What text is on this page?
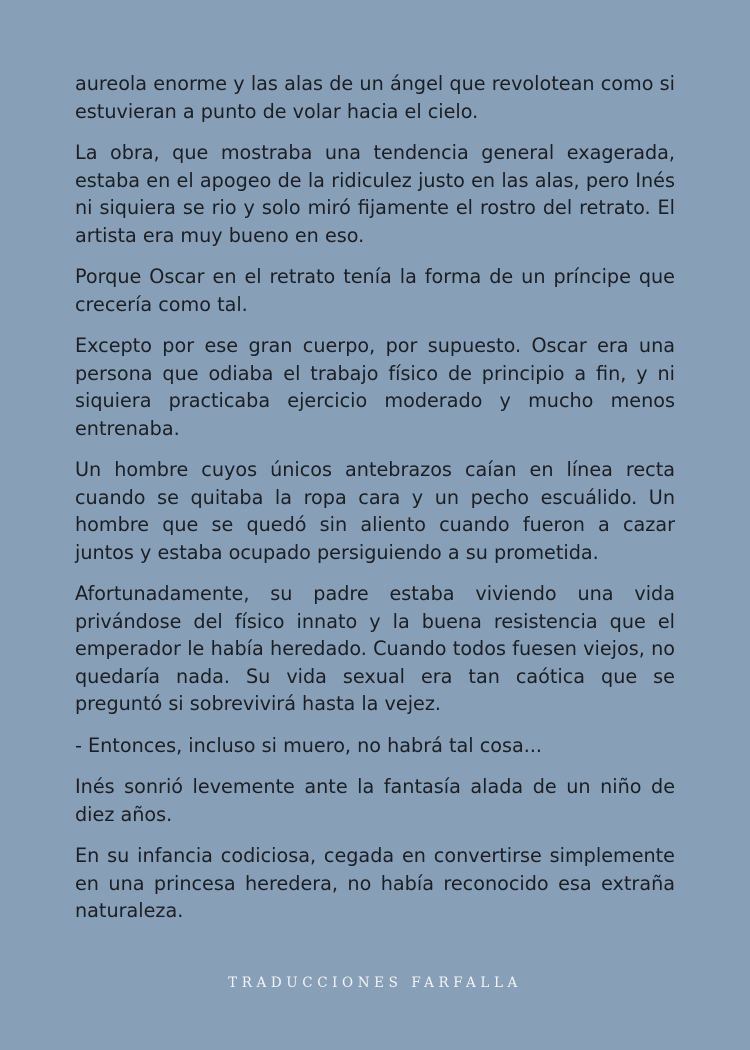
aureola enorme y las alas de un ángel que revolotean como si estuvieran a punto de volar hacia el cielo.

La obra, que mostraba una tendencia general exagerada, estaba en el apogeo de la ridiculez justo en las alas, pero Inés ni siquiera se rio y solo miró fijamente el rostro del retrato. El artista era muy bueno en eso.

Porque Oscar en el retrato tenía la forma de un príncipe que crecería como tal.

Excepto por ese gran cuerpo, por supuesto. Oscar era una persona que odiaba el trabajo físico de principio a fin, y ni siquiera practicaba ejercicio moderado y mucho menos entrenaba.

Un hombre cuyos únicos antebrazos caían en línea recta cuando se quitaba la ropa cara y un pecho escuálido. Un hombre que se quedó sin aliento cuando fueron a cazar juntos y estaba ocupado persiguiendo a su prometida.

Afortunadamente, su padre estaba viviendo una vida privándose del físico innato y la buena resistencia que el emperador le había heredado. Cuando todos fuesen viejos, no quedaría nada. Su vida sexual era tan caótica que se preguntó si sobrevivirá hasta la vejez.

- Entonces, incluso si muero, no habrá tal cosa...

Inés sonrió levemente ante la fantasía alada de un niño de diez años.

En su infancia codiciosa, cegada en convertirse simplemente en una princesa heredera, no había reconocido esa extraña naturaleza.

TRADUCCIONES FARFALLA
